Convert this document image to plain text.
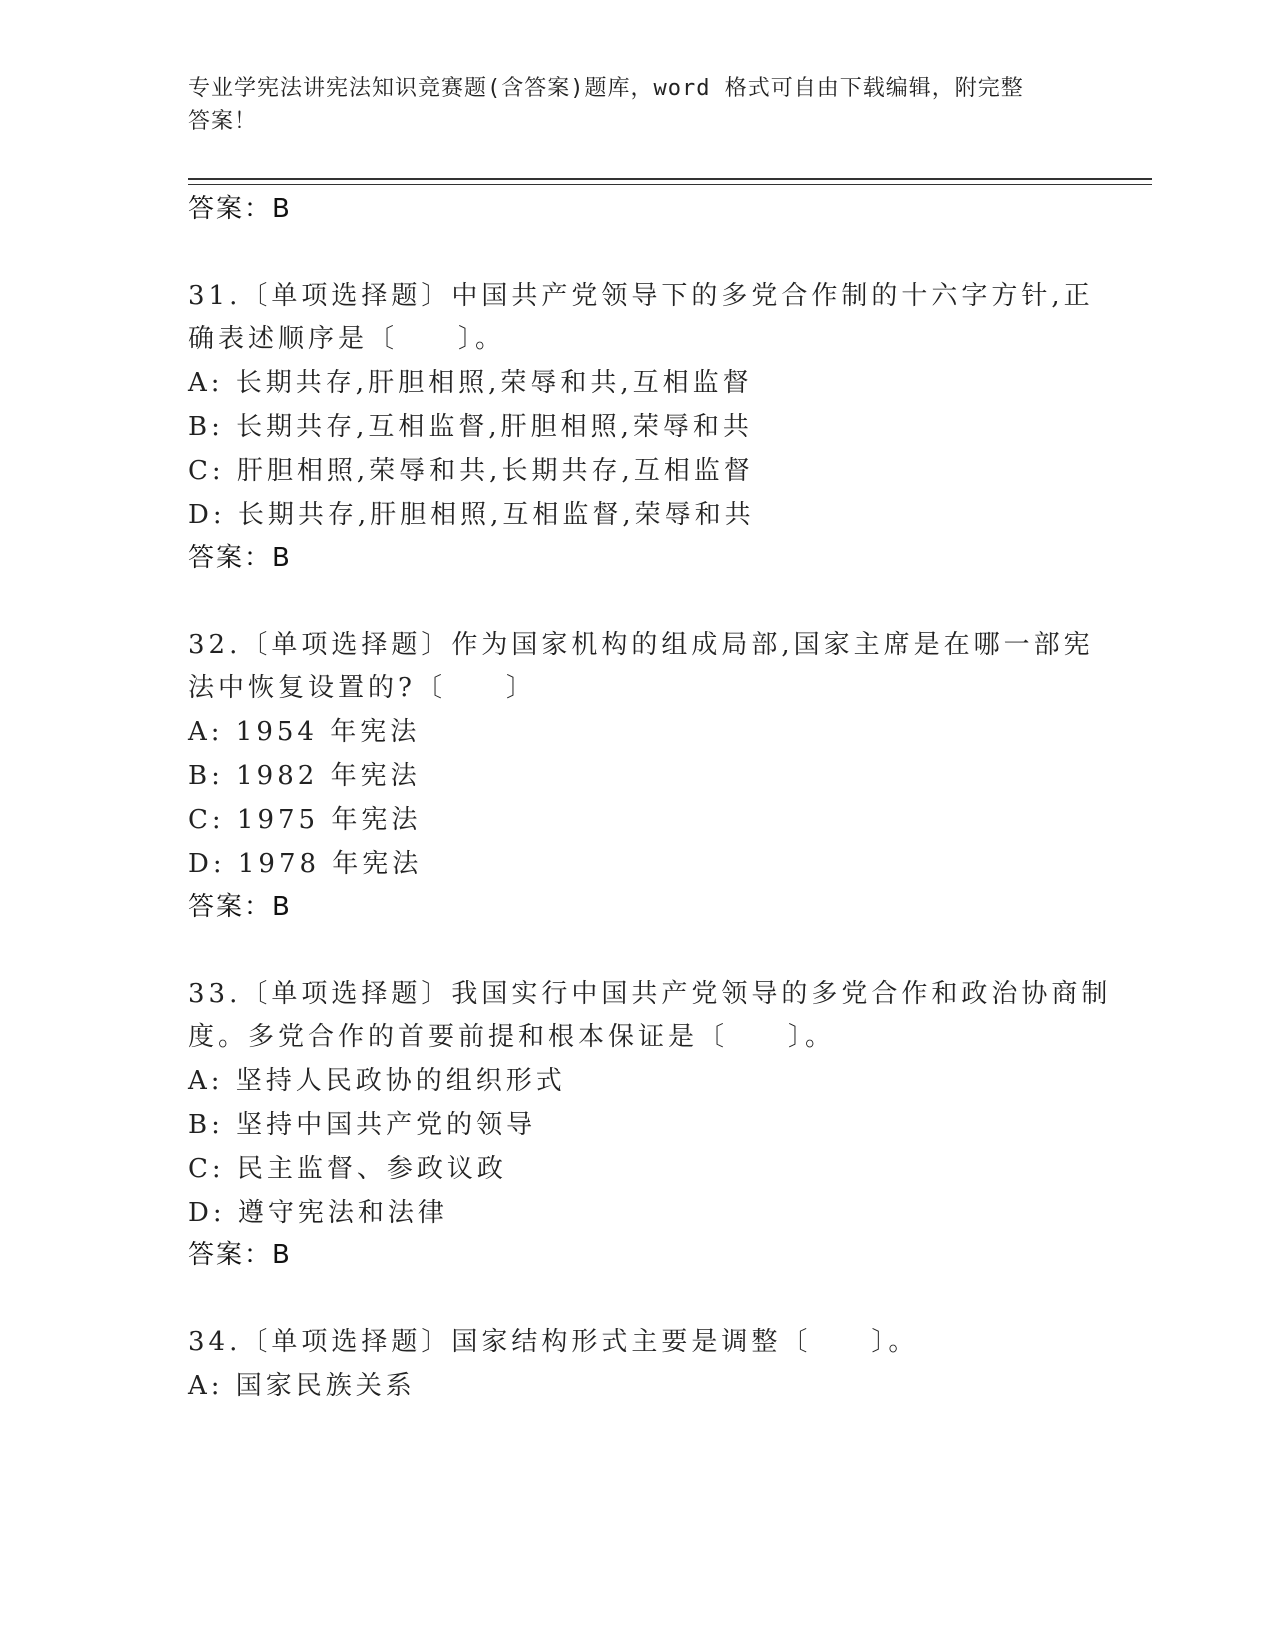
专业学宪法讲宪法知识竞赛题(含答案)题库，word 格式可自由下载编辑，附完整
答案！
答案：B
31.〔单项选择题〕中国共产党领导下的多党合作制的十六字方针,正
确表述顺序是〔　　〕。
A: 长期共存,肝胆相照,荣辱和共,互相监督
B: 长期共存,互相监督,肝胆相照,荣辱和共
C: 肝胆相照,荣辱和共,长期共存,互相监督
D: 长期共存,肝胆相照,互相监督,荣辱和共
答案：B
32.〔单项选择题〕作为国家机构的组成局部,国家主席是在哪一部宪
法中恢复设置的?〔　　〕
A: 1954 年宪法
B: 1982 年宪法
C: 1975 年宪法
D: 1978 年宪法
答案：B
33.〔单项选择题〕我国实行中国共产党领导的多党合作和政治协商制
度。多党合作的首要前提和根本保证是〔　　〕。
A: 坚持人民政协的组织形式
B: 坚持中国共产党的领导
C: 民主监督、参政议政
D: 遵守宪法和法律
答案：B
34.〔单项选择题〕国家结构形式主要是调整〔　　〕。
A: 国家民族关系
